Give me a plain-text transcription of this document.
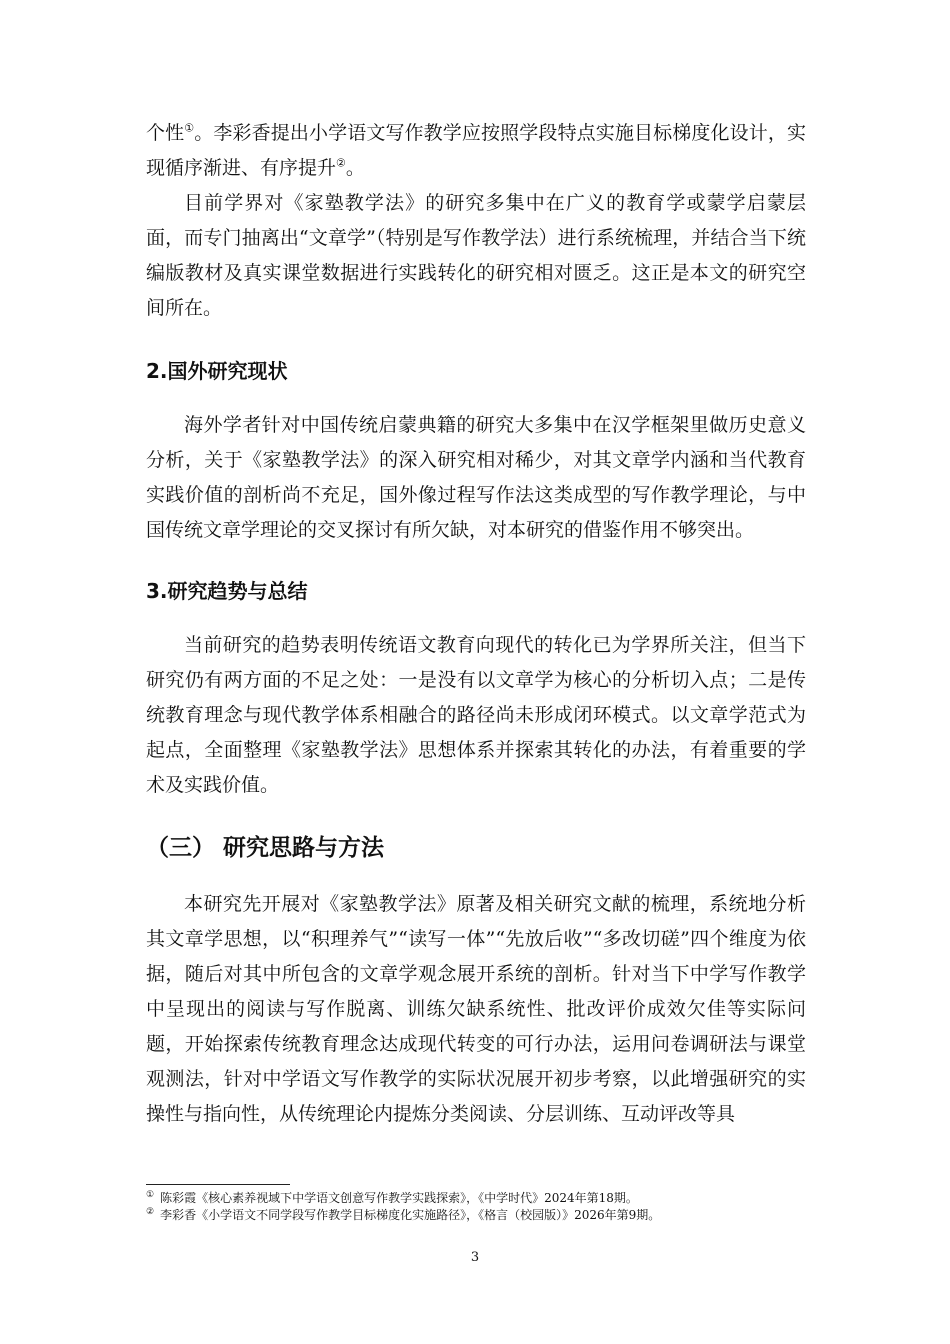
个性①。李彩香提出小学语文写作教学应按照学段特点实施目标梯度化设计，实现循序渐进、有序提升②。

目前学界对《家塾教学法》的研究多集中在广义的教育学或蒙学启蒙层面，而专门抽离出“文章学”（特别是写作教学法）进行系统梳理，并结合当下统编版教材及真实课堂数据进行实践转化的研究相对匮乏。这正是本文的研究空间所在。

2.国外研究现状

海外学者针对中国传统启蒙典籍的研究大多集中在汉学框架里做历史意义分析，关于《家塾教学法》的深入研究相对稀少，对其文章学内涵和当代教育实践价值的剖析尚不充足，国外像过程写作法这类成型的写作教学理论，与中国传统文章学理论的交叉探讨有所欠缺，对本研究的借鉴作用不够突出。

3.研究趋势与总结

当前研究的趋势表明传统语文教育向现代的转化已为学界所关注，但当下研究仍有两方面的不足之处：一是没有以文章学为核心的分析切入点；二是传统教育理念与现代教学体系相融合的路径尚未形成闭环模式。以文章学范式为起点，全面整理《家塾教学法》思想体系并探索其转化的办法，有着重要的学术及实践价值。

（三） 研究思路与方法

本研究先开展对《家塾教学法》原著及相关研究文献的梳理，系统地分析其文章学思想，以“积理养气”“读写一体”“先放后收”“多改切磋”四个维度为依据，随后对其中所包含的文章学观念展开系统的剖析。针对当下中学写作教学中呈现出的阅读与写作脱离、训练欠缺系统性、批改评价成效欠佳等实际问题，开始探索传统教育理念达成现代转变的可行办法，运用问卷调研法与课堂观测法，针对中学语文写作教学的实际状况展开初步考察，以此增强研究的实操性与指向性，从传统理论内提炼分类阅读、分层训练、互动评改等具

① 陈彩霞《核心素养视域下中学语文创意写作教学实践探索》，《中学时代》2024年第18期。
② 李彩香《小学语文不同学段写作教学目标梯度化实施路径》，《格言（校园版）》2026年第9期。
3
